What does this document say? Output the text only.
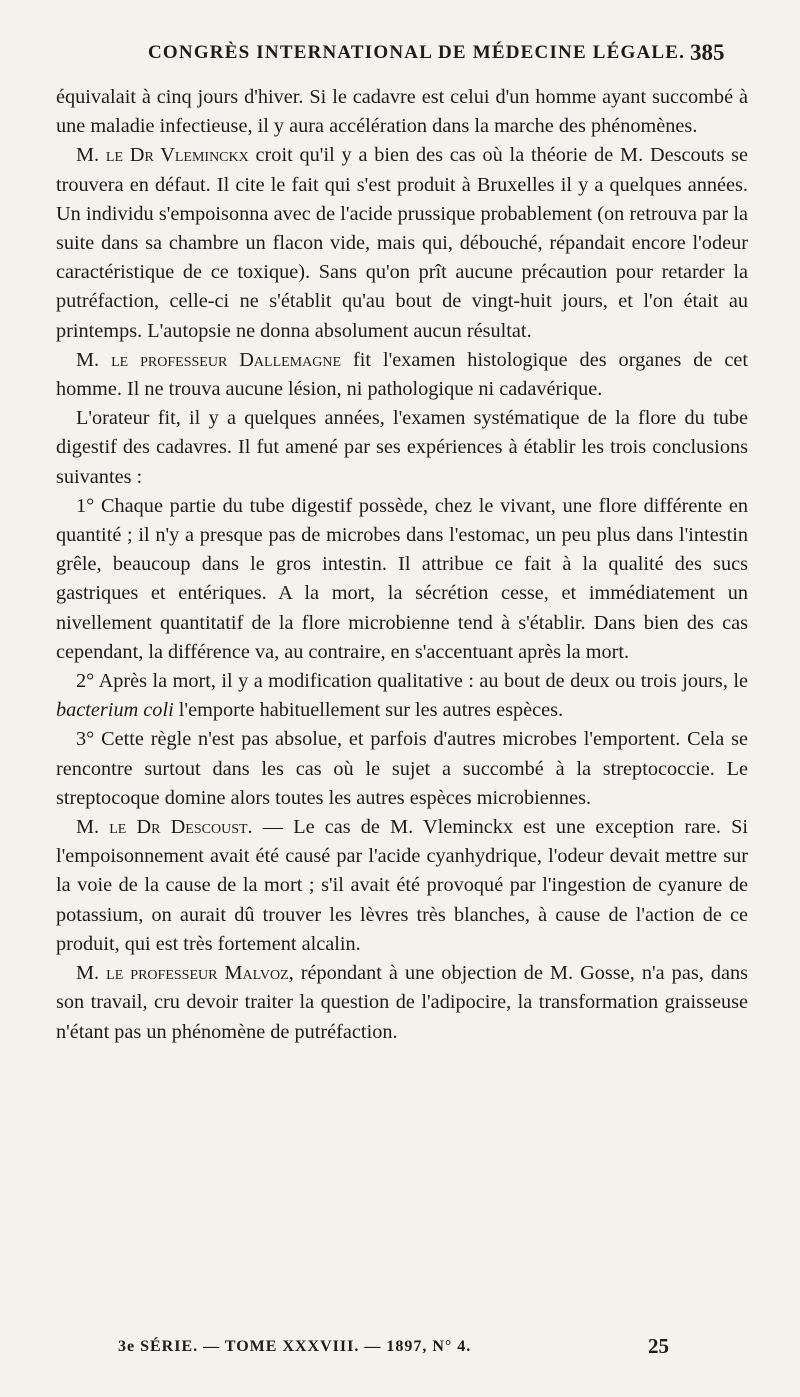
CONGRÈS INTERNATIONAL DE MÉDECINE LÉGALE. 385

équivalait à cinq jours d'hiver. Si le cadavre est celui d'un homme ayant succombé à une maladie infectieuse, il y aura accélération dans la marche des phénomènes.

M. le Dr Vleminckx croit qu'il y a bien des cas où la théorie de M. Descouts se trouvera en défaut. Il cite le fait qui s'est produit à Bruxelles il y a quelques années. Un individu s'empoisonna avec de l'acide prussique probablement (on retrouva par la suite dans sa chambre un flacon vide, mais qui, débouché, répandait encore l'odeur caractéristique de ce toxique). Sans qu'on prît aucune précaution pour retarder la putréfaction, celle-ci ne s'établit qu'au bout de vingt-huit jours, et l'on était au printemps. L'autopsie ne donna absolument aucun résultat.

M. le professeur Dallemagne fit l'examen histologique des organes de cet homme. Il ne trouva aucune lésion, ni pathologique ni cadavérique.

L'orateur fit, il y a quelques années, l'examen systématique de la flore du tube digestif des cadavres. Il fut amené par ses expériences à établir les trois conclusions suivantes :

1° Chaque partie du tube digestif possède, chez le vivant, une flore différente en quantité ; il n'y a presque pas de microbes dans l'estomac, un peu plus dans l'intestin grêle, beaucoup dans le gros intestin. Il attribue ce fait à la qualité des sucs gastriques et entériques. A la mort, la sécrétion cesse, et immédiatement un nivellement quantitatif de la flore microbienne tend à s'établir. Dans bien des cas cependant, la différence va, au contraire, en s'accentuant après la mort.

2° Après la mort, il y a modification qualitative : au bout de deux ou trois jours, le bacterium coli l'emporte habituellement sur les autres espèces.

3° Cette règle n'est pas absolue, et parfois d'autres microbes l'emportent. Cela se rencontre surtout dans les cas où le sujet a succombé à la streptococcie. Le streptocoque domine alors toutes les autres espèces microbiennes.

M. le Dr Descoust. — Le cas de M. Vleminckx est une exception rare. Si l'empoisonnement avait été causé par l'acide cyanhydrique, l'odeur devait mettre sur la voie de la cause de la mort ; s'il avait été provoqué par l'ingestion de cyanure de potassium, on aurait dû trouver les lèvres très blanches, à cause de l'action de ce produit, qui est très fortement alcalin.

M. le professeur Malvoz, répondant à une objection de M. Gosse, n'a pas, dans son travail, cru devoir traiter la question de l'adipocire, la transformation graisseuse n'étant pas un phénomène de putréfaction.

3e SÉRIE. — TOME XXXVIII. — 1897, N° 4.	25
